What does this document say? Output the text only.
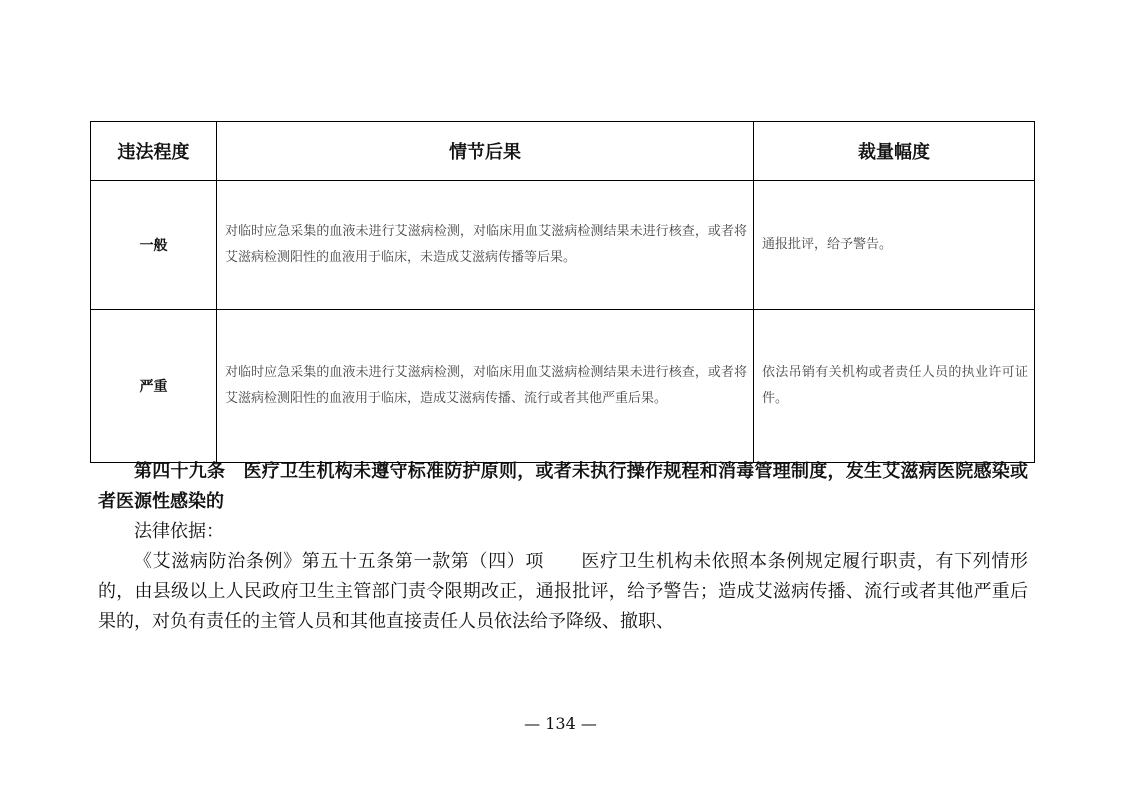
违法程度	情节后果	裁量幅度
一般	对临时应急采集的血液未进行艾滋病检测，对临床用血艾滋病检测结果未进行核查，或者将艾滋病检测阳性的血液用于临床，未造成艾滋病传播等后果。	通报批评，给予警告。
严重	对临时应急采集的血液未进行艾滋病检测，对临床用血艾滋病检测结果未进行核查，或者将艾滋病检测阳性的血液用于临床，造成艾滋病传播、流行或者其他严重后果。	依法吊销有关机构或者责任人员的执业许可证件。

第四十九条　医疗卫生机构未遵守标准防护原则，或者未执行操作规程和消毒管理制度，发生艾滋病医院感染或者医源性感染的

法律依据：

《艾滋病防治条例》第五十五条第一款第（四）项　　医疗卫生机构未依照本条例规定履行职责，有下列情形的，由县级以上人民政府卫生主管部门责令限期改正，通报批评，给予警告；造成艾滋病传播、流行或者其他严重后果的，对负有责任的主管人员和其他直接责任人员依法给予降级、撤职、

— 134 —
